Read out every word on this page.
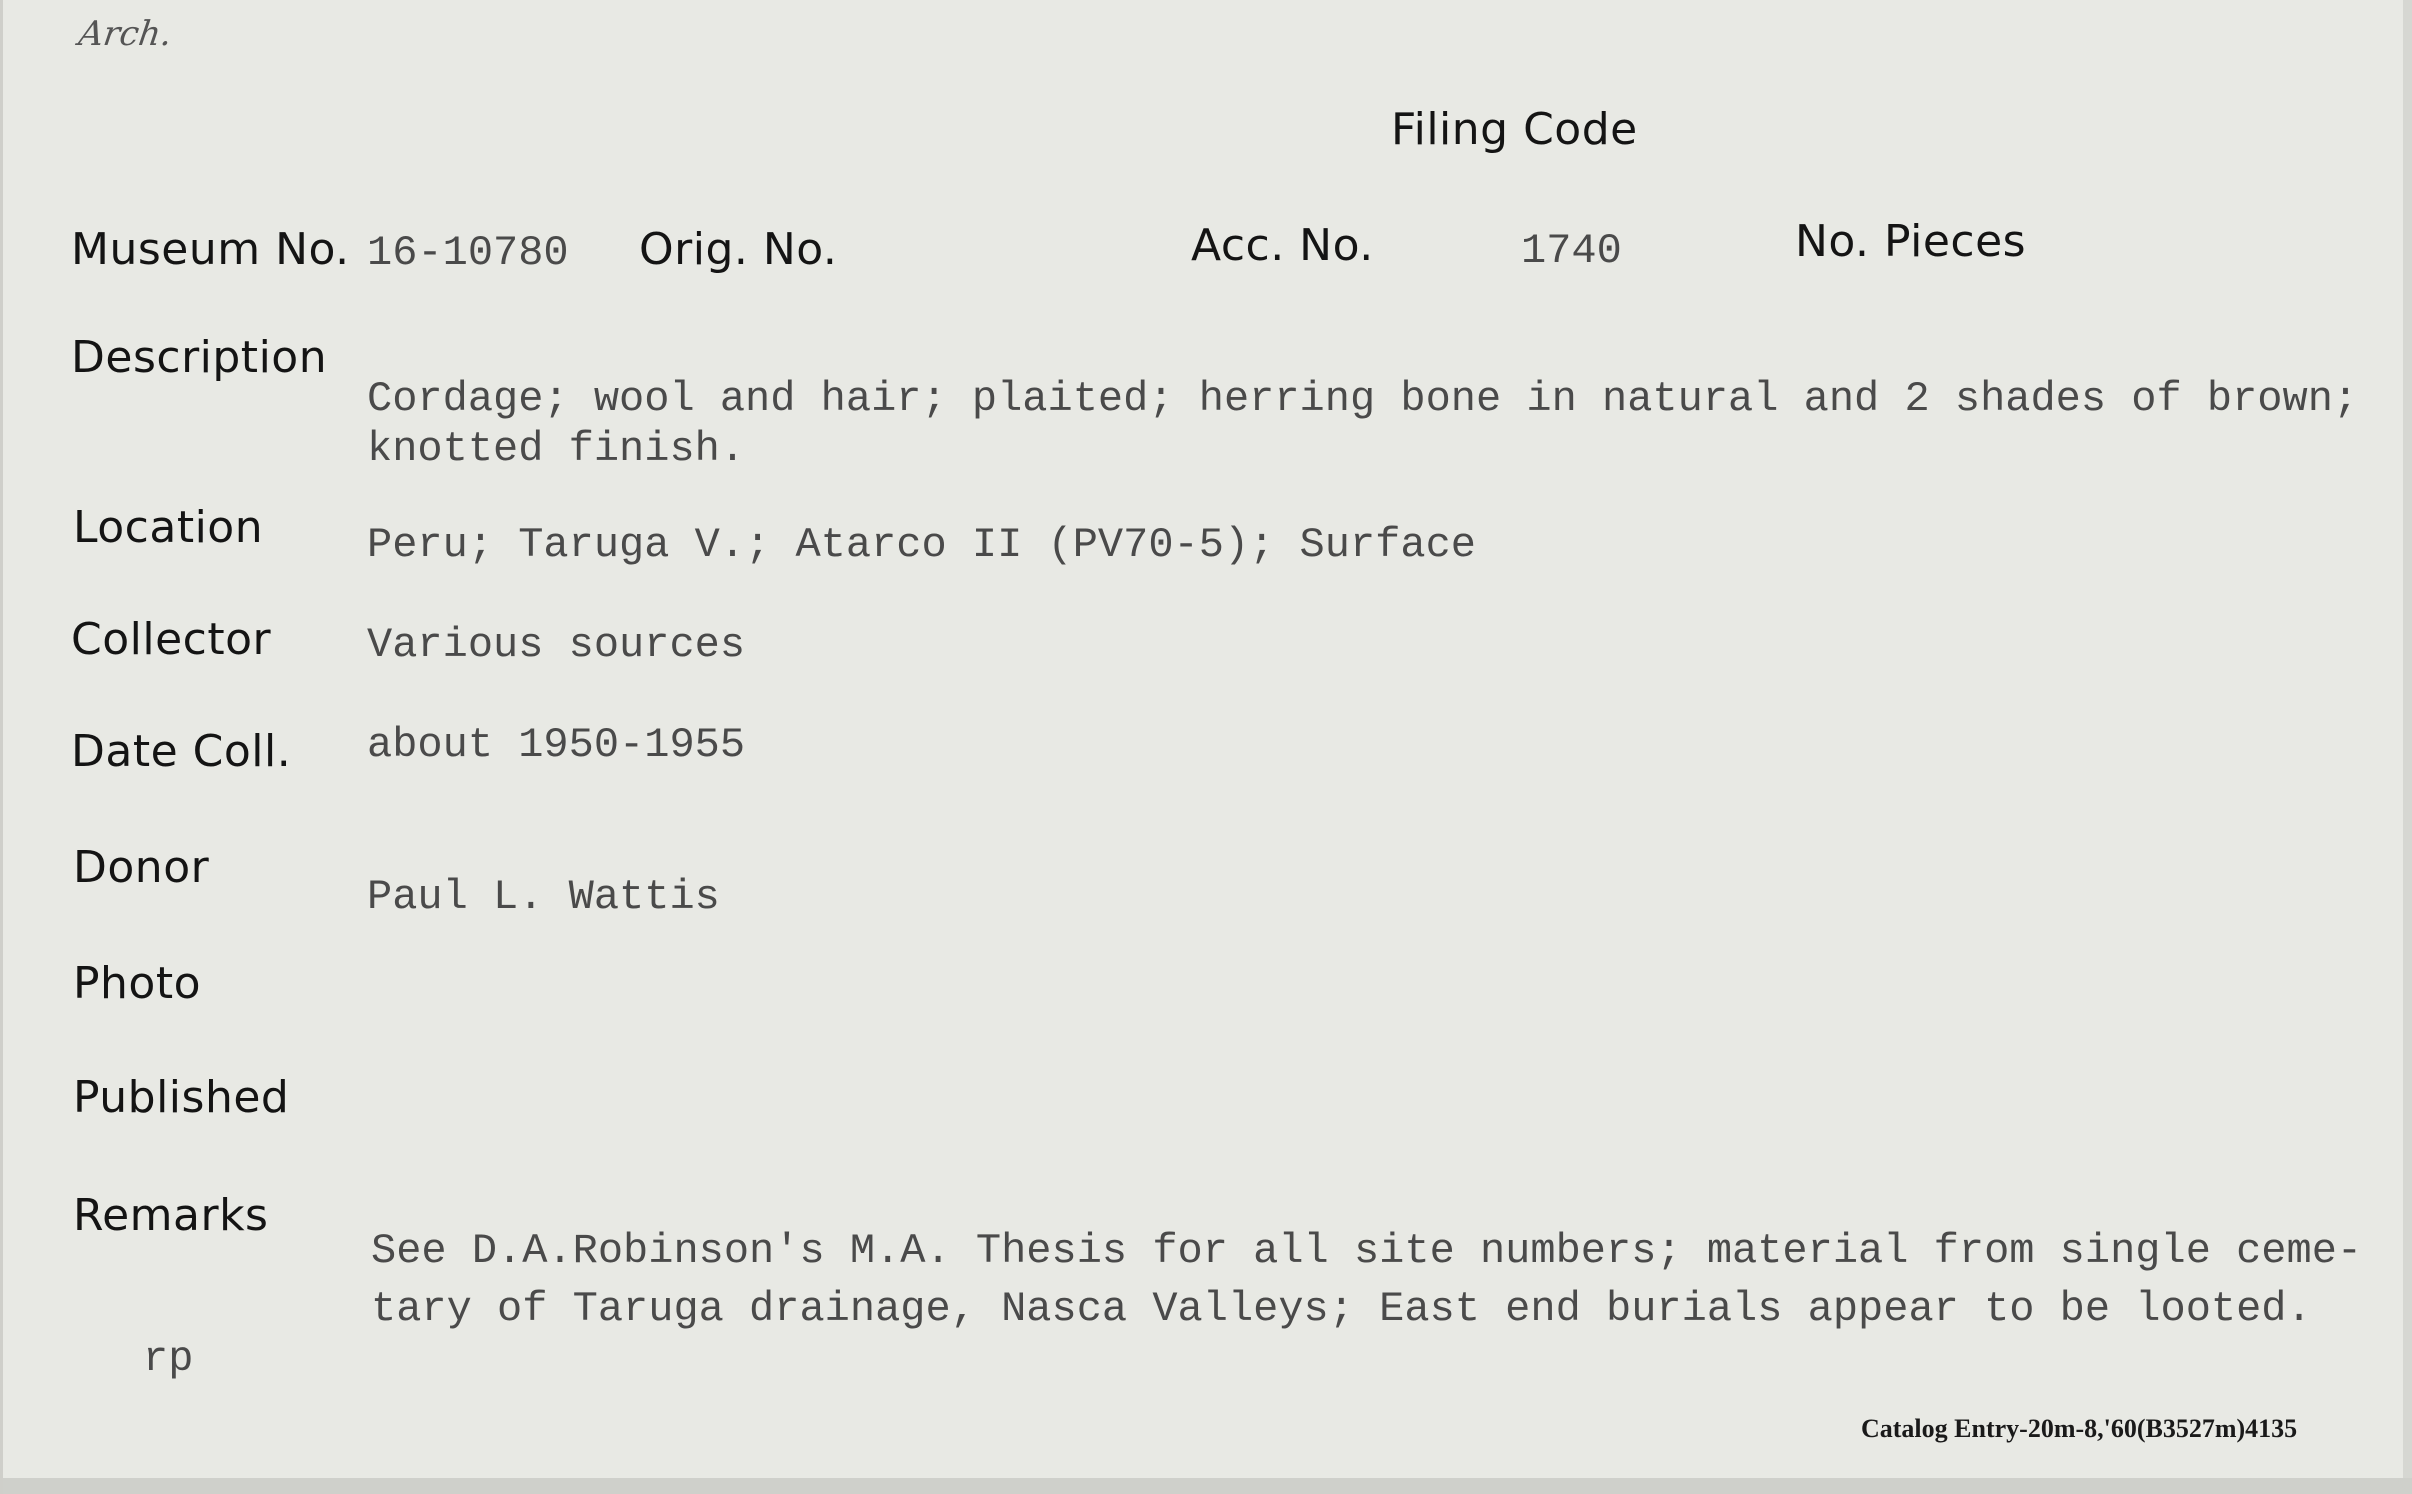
Arch.
Filing Code
Museum No. 16-10780 Orig. No.	Acc. No.	1740	No. Pieces
Description
Cordage; wool and hair; plaited; herring bone in natural and 2 shades of brown;
knotted finish.
Location Peru; Taruga V.; Atarco II (PV70-5); Surface
Collector Various sources
Date Coll. about 1950-1955
Donor
Paul L. Wattis
Photo
Published
Remarks
See D.A.Robinson's M.A. Thesis for all site numbers; material from single ceme-
tary of Taruga drainage, Nasca Valleys; East end burials appear to be looted.
rp
Catalog Entry-20m-8,'60(B3527m)4135
